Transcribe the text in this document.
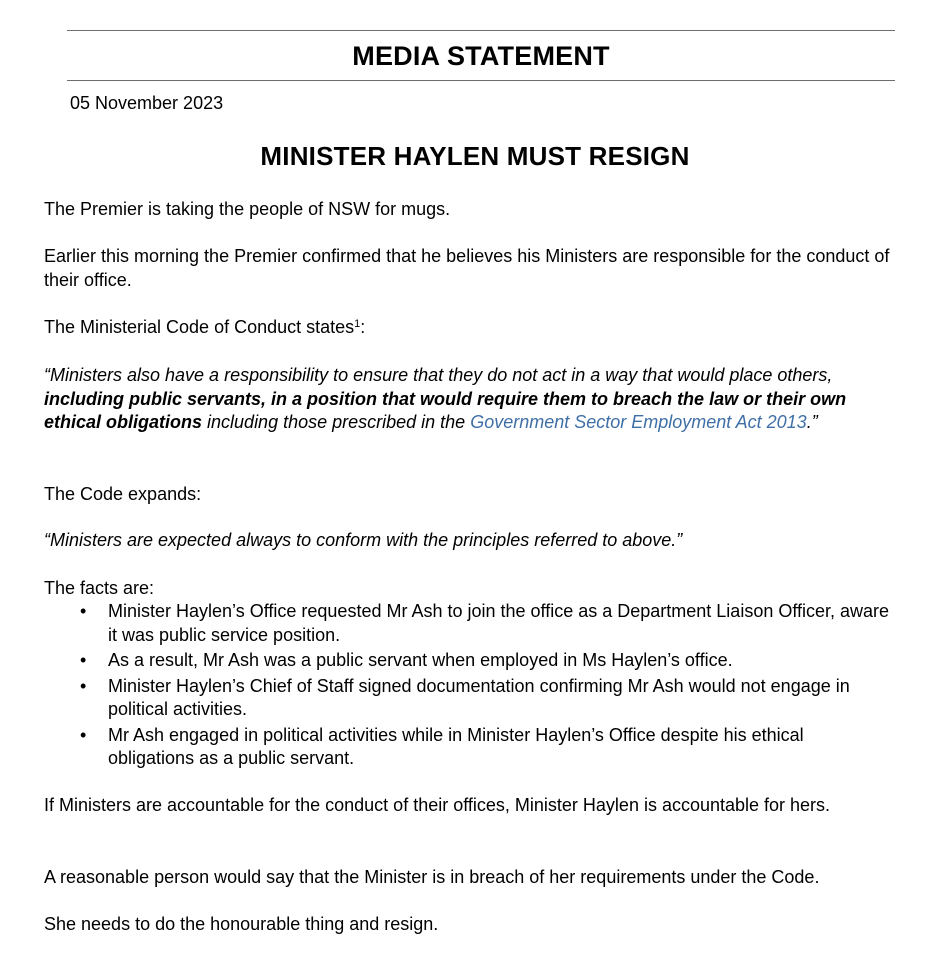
MEDIA STATEMENT
05 November 2023
MINISTER HAYLEN MUST RESIGN

The Premier is taking the people of NSW for mugs.

Earlier this morning the Premier confirmed that he believes his Ministers are responsible for the conduct of their office.

The Ministerial Code of Conduct states$^1$:

“Ministers also have a responsibility to ensure that they do not act in a way that would place others, including public servants, in a position that would require them to breach the law or their own ethical obligations including those prescribed in the Government Sector Employment Act 2013.”

The Code expands:

“Ministers are expected always to conform with the principles referred to above.”

The facts are:

• Minister Haylen’s Office requested Mr Ash to join the office as a Department Liaison Officer, aware it was public service position.
• As a result, Mr Ash was a public servant when employed in Ms Haylen’s office.
• Minister Haylen’s Chief of Staff signed documentation confirming Mr Ash would not engage in political activities.
• Mr Ash engaged in political activities while in Minister Haylen’s Office despite his ethical obligations as a public servant.

If Ministers are accountable for the conduct of their offices, Minister Haylen is accountable for hers.

A reasonable person would say that the Minister is in breach of her requirements under the Code.

She needs to do the honourable thing and resign.
